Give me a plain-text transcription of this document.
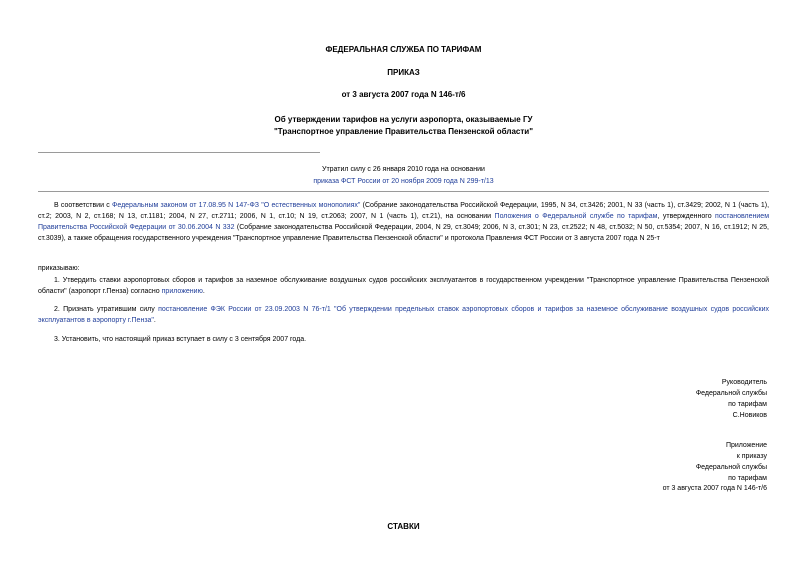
ФЕДЕРАЛЬНАЯ СЛУЖБА ПО ТАРИФАМ
ПРИКАЗ
от 3 августа 2007 года N 146-т/6
Об утверждении тарифов на услуги аэропорта, оказываемые ГУ
"Транспортное управление Правительства Пензенской области"
Утратил силу с 26 января 2010 года на основании
приказа ФСТ России от 20 ноября 2009 года N 299-т/13
В соответствии с Федеральным законом от 17.08.95 N 147-ФЗ "О естественных монополиях" (Собрание законодательства Российской Федерации, 1995, N 34, ст.3426; 2001, N 33 (часть 1), ст.3429; 2002, N 1 (часть 1), ст.2; 2003, N 2, ст.168; N 13, ст.1181; 2004, N 27, ст.2711; 2006, N 1, ст.10; N 19, ст.2063; 2007, N 1 (часть 1), ст.21), на основании Положения о Федеральной службе по тарифам, утвержденного постановлением Правительства Российской Федерации от 30.06.2004 N 332 (Собрание законодательства Российской Федерации, 2004, N 29, ст.3049; 2006, N 3, ст.301; N 23, ст.2522; N 48, ст.5032; N 50, ст.5354; 2007, N 16, ст.1912; N 25, ст.3039), а также обращения государственного учреждения "Транспортное управление Правительства Пензенской области" и протокола Правления ФСТ России от 3 августа 2007 года N 25-т
приказываю:
1. Утвердить ставки аэропортовых сборов и тарифов за наземное обслуживание воздушных судов российских эксплуатантов в государственном учреждении "Транспортное управление Правительства Пензенской области" (аэропорт г.Пенза) согласно приложению.
2. Признать утратившим силу постановление ФЭК России от 23.09.2003 N 76-т/1 "Об утверждении предельных ставок аэропортовых сборов и тарифов за наземное обслуживание воздушных судов российских эксплуатантов в аэропорту г.Пенза".
3. Установить, что настоящий приказ вступает в силу с 3 сентября 2007 года.
Руководитель
Федеральной службы
по тарифам
С.Новиков
Приложение
к приказу
Федеральной службы
по тарифам
от 3 августа 2007 года N 146-т/6
СТАВКИ
